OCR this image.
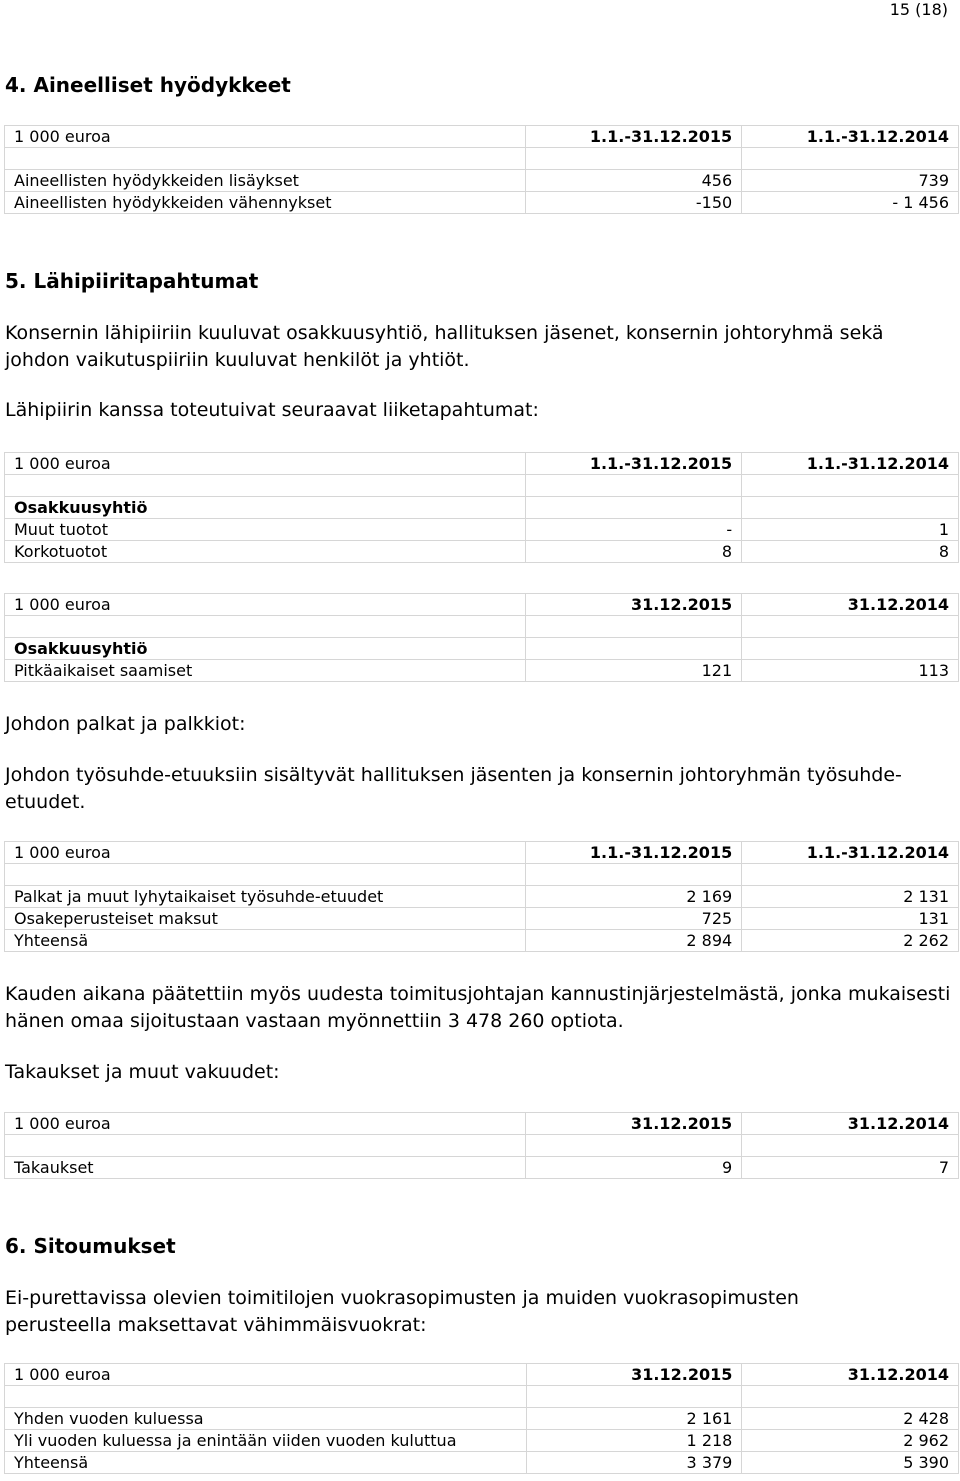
15 (18)
4. Aineelliset hyödykkeet
1 000 euroa	1.1.-31.12.2015	1.1.-31.12.2014

Aineellisten hyödykkeiden lisäykset	456	739
Aineellisten hyödykkeiden vähennykset	-150	- 1 456
5. Lähipiiritapahtumat

Konsernin lähipiiriin kuuluvat osakkuusyhtiö, hallituksen jäsenet, konsernin johtoryhmä sekä johdon vaikutuspiiriin kuuluvat henkilöt ja yhtiöt.

Lähipiirin kanssa toteutuivat seuraavat liiketapahtumat:

1 000 euroa	1.1.-31.12.2015	1.1.-31.12.2014

Osakkuusyhtiö		
Muut tuotot	-	1
Korkotuotot	8	8
1 000 euroa	31.12.2015	31.12.2014

Osakkuusyhtiö		
Pitkäaikaiset saamiset	121	113

Johdon palkat ja palkkiot:

Johdon työsuhde-etuuksiin sisältyvät hallituksen jäsenten ja konsernin johtoryhmän työsuhde-etuudet.

1 000 euroa	1.1.-31.12.2015	1.1.-31.12.2014

Palkat ja muut lyhytaikaiset työsuhde-etuudet	2 169	2 131
Osakeperusteiset maksut	725	131
Yhteensä	2 894	2 262

Kauden aikana päätettiin myös uudesta toimitusjohtajan kannustinjärjestelmästä, jonka mukaisesti hänen omaa sijoitustaan vastaan myönnettiin 3 478 260 optiota.

Takaukset ja muut vakuudet:

1 000 euroa	31.12.2015	31.12.2014

Takaukset	9	7
6. Sitoumukset

Ei-purettavissa olevien toimitilojen vuokrasopimusten ja muiden vuokrasopimusten perusteella maksettavat vähimmäisvuokrat:

1 000 euroa	31.12.2015	31.12.2014

Yhden vuoden kuluessa	2 161	2 428
Yli vuoden kuluessa ja enintään viiden vuoden kuluttua	1 218	2 962
Yhteensä	3 379	5 390
